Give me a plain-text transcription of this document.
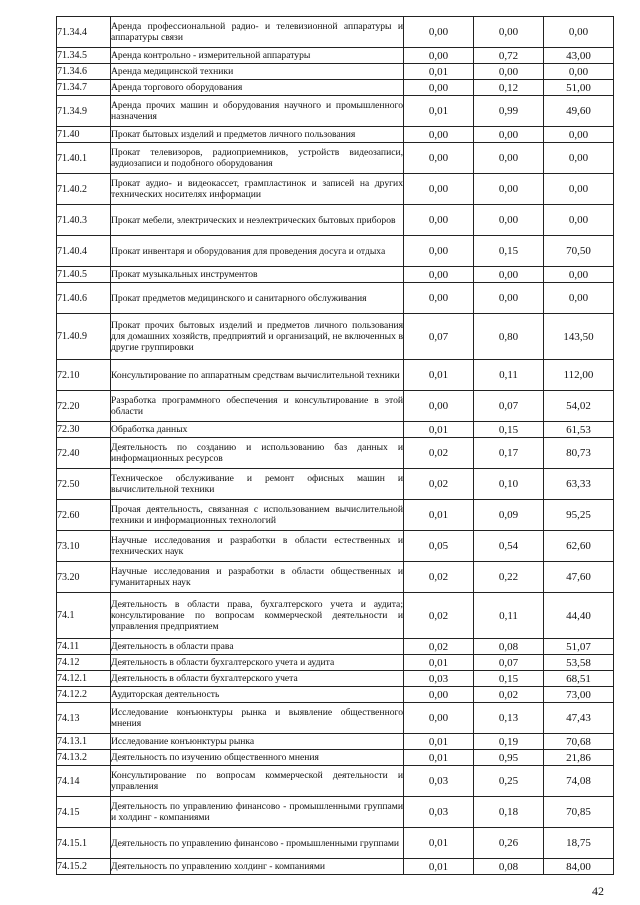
71.34.4	Аренда профессиональной радио- и телевизионной аппаратуры и аппаратуры связи	0,00	0,00	0,00
71.34.5	Аренда контрольно - измерительной аппаратуры	0,00	0,72	43,00
71.34.6	Аренда медицинской техники	0,01	0,00	0,00
71.34.7	Аренда торгового оборудования	0,00	0,12	51,00
71.34.9	Аренда прочих машин и оборудования научного и промышленного назначения	0,01	0,99	49,60
71.40	Прокат бытовых изделий и предметов личного пользования	0,00	0,00	0,00
71.40.1	Прокат телевизоров, радиоприемников, устройств видеозаписи, аудиозаписи и подобного оборудования	0,00	0,00	0,00
71.40.2	Прокат аудио- и видеокассет, грампластинок и записей на других технических носителях информации	0,00	0,00	0,00
71.40.3	Прокат мебели, электрических и неэлектрических бытовых приборов	0,00	0,00	0,00
71.40.4	Прокат инвентаря и оборудования для проведения досуга и отдыха	0,00	0,15	70,50
71.40.5	Прокат музыкальных инструментов	0,00	0,00	0,00
71.40.6	Прокат предметов медицинского и санитарного обслуживания	0,00	0,00	0,00
71.40.9	Прокат прочих бытовых изделий и предметов личного пользования для домашних хозяйств, предприятий и организаций, не включенных в другие группировки	0,07	0,80	143,50
72.10	Консультирование по аппаратным средствам вычислительной техники	0,01	0,11	112,00
72.20	Разработка программного обеспечения и консультирование в этой области	0,00	0,07	54,02
72.30	Обработка данных	0,01	0,15	61,53
72.40	Деятельность по созданию и использованию баз данных и информационных ресурсов	0,02	0,17	80,73
72.50	Техническое обслуживание и ремонт офисных машин и вычислительной техники	0,02	0,10	63,33
72.60	Прочая деятельность, связанная с использованием вычислительной техники и информационных технологий	0,01	0,09	95,25
73.10	Научные исследования и разработки в области естественных и технических наук	0,05	0,54	62,60
73.20	Научные исследования и разработки в области общественных и гуманитарных наук	0,02	0,22	47,60
74.1	Деятельность в области права, бухгалтерского учета и аудита; консультирование по вопросам коммерческой деятельности и управления предприятием	0,02	0,11	44,40
74.11	Деятельность в области права	0,02	0,08	51,07
74.12	Деятельность в области бухгалтерского учета и аудита	0,01	0,07	53,58
74.12.1	Деятельность в области бухгалтерского учета	0,03	0,15	68,51
74.12.2	Аудиторская деятельность	0,00	0,02	73,00
74.13	Исследование конъюнктуры рынка и выявление общественного мнения	0,00	0,13	47,43
74.13.1	Исследование конъюнктуры рынка	0,01	0,19	70,68
74.13.2	Деятельность по изучению общественного мнения	0,01	0,95	21,86
74.14	Консультирование по вопросам коммерческой деятельности и управления	0,03	0,25	74,08
74.15	Деятельность по управлению финансово - промышленными группами и холдинг - компаниями	0,03	0,18	70,85
74.15.1	Деятельность по управлению финансово - промышленными группами	0,01	0,26	18,75
74.15.2	Деятельность по управлению холдинг - компаниями	0,01	0,08	84,00
42
